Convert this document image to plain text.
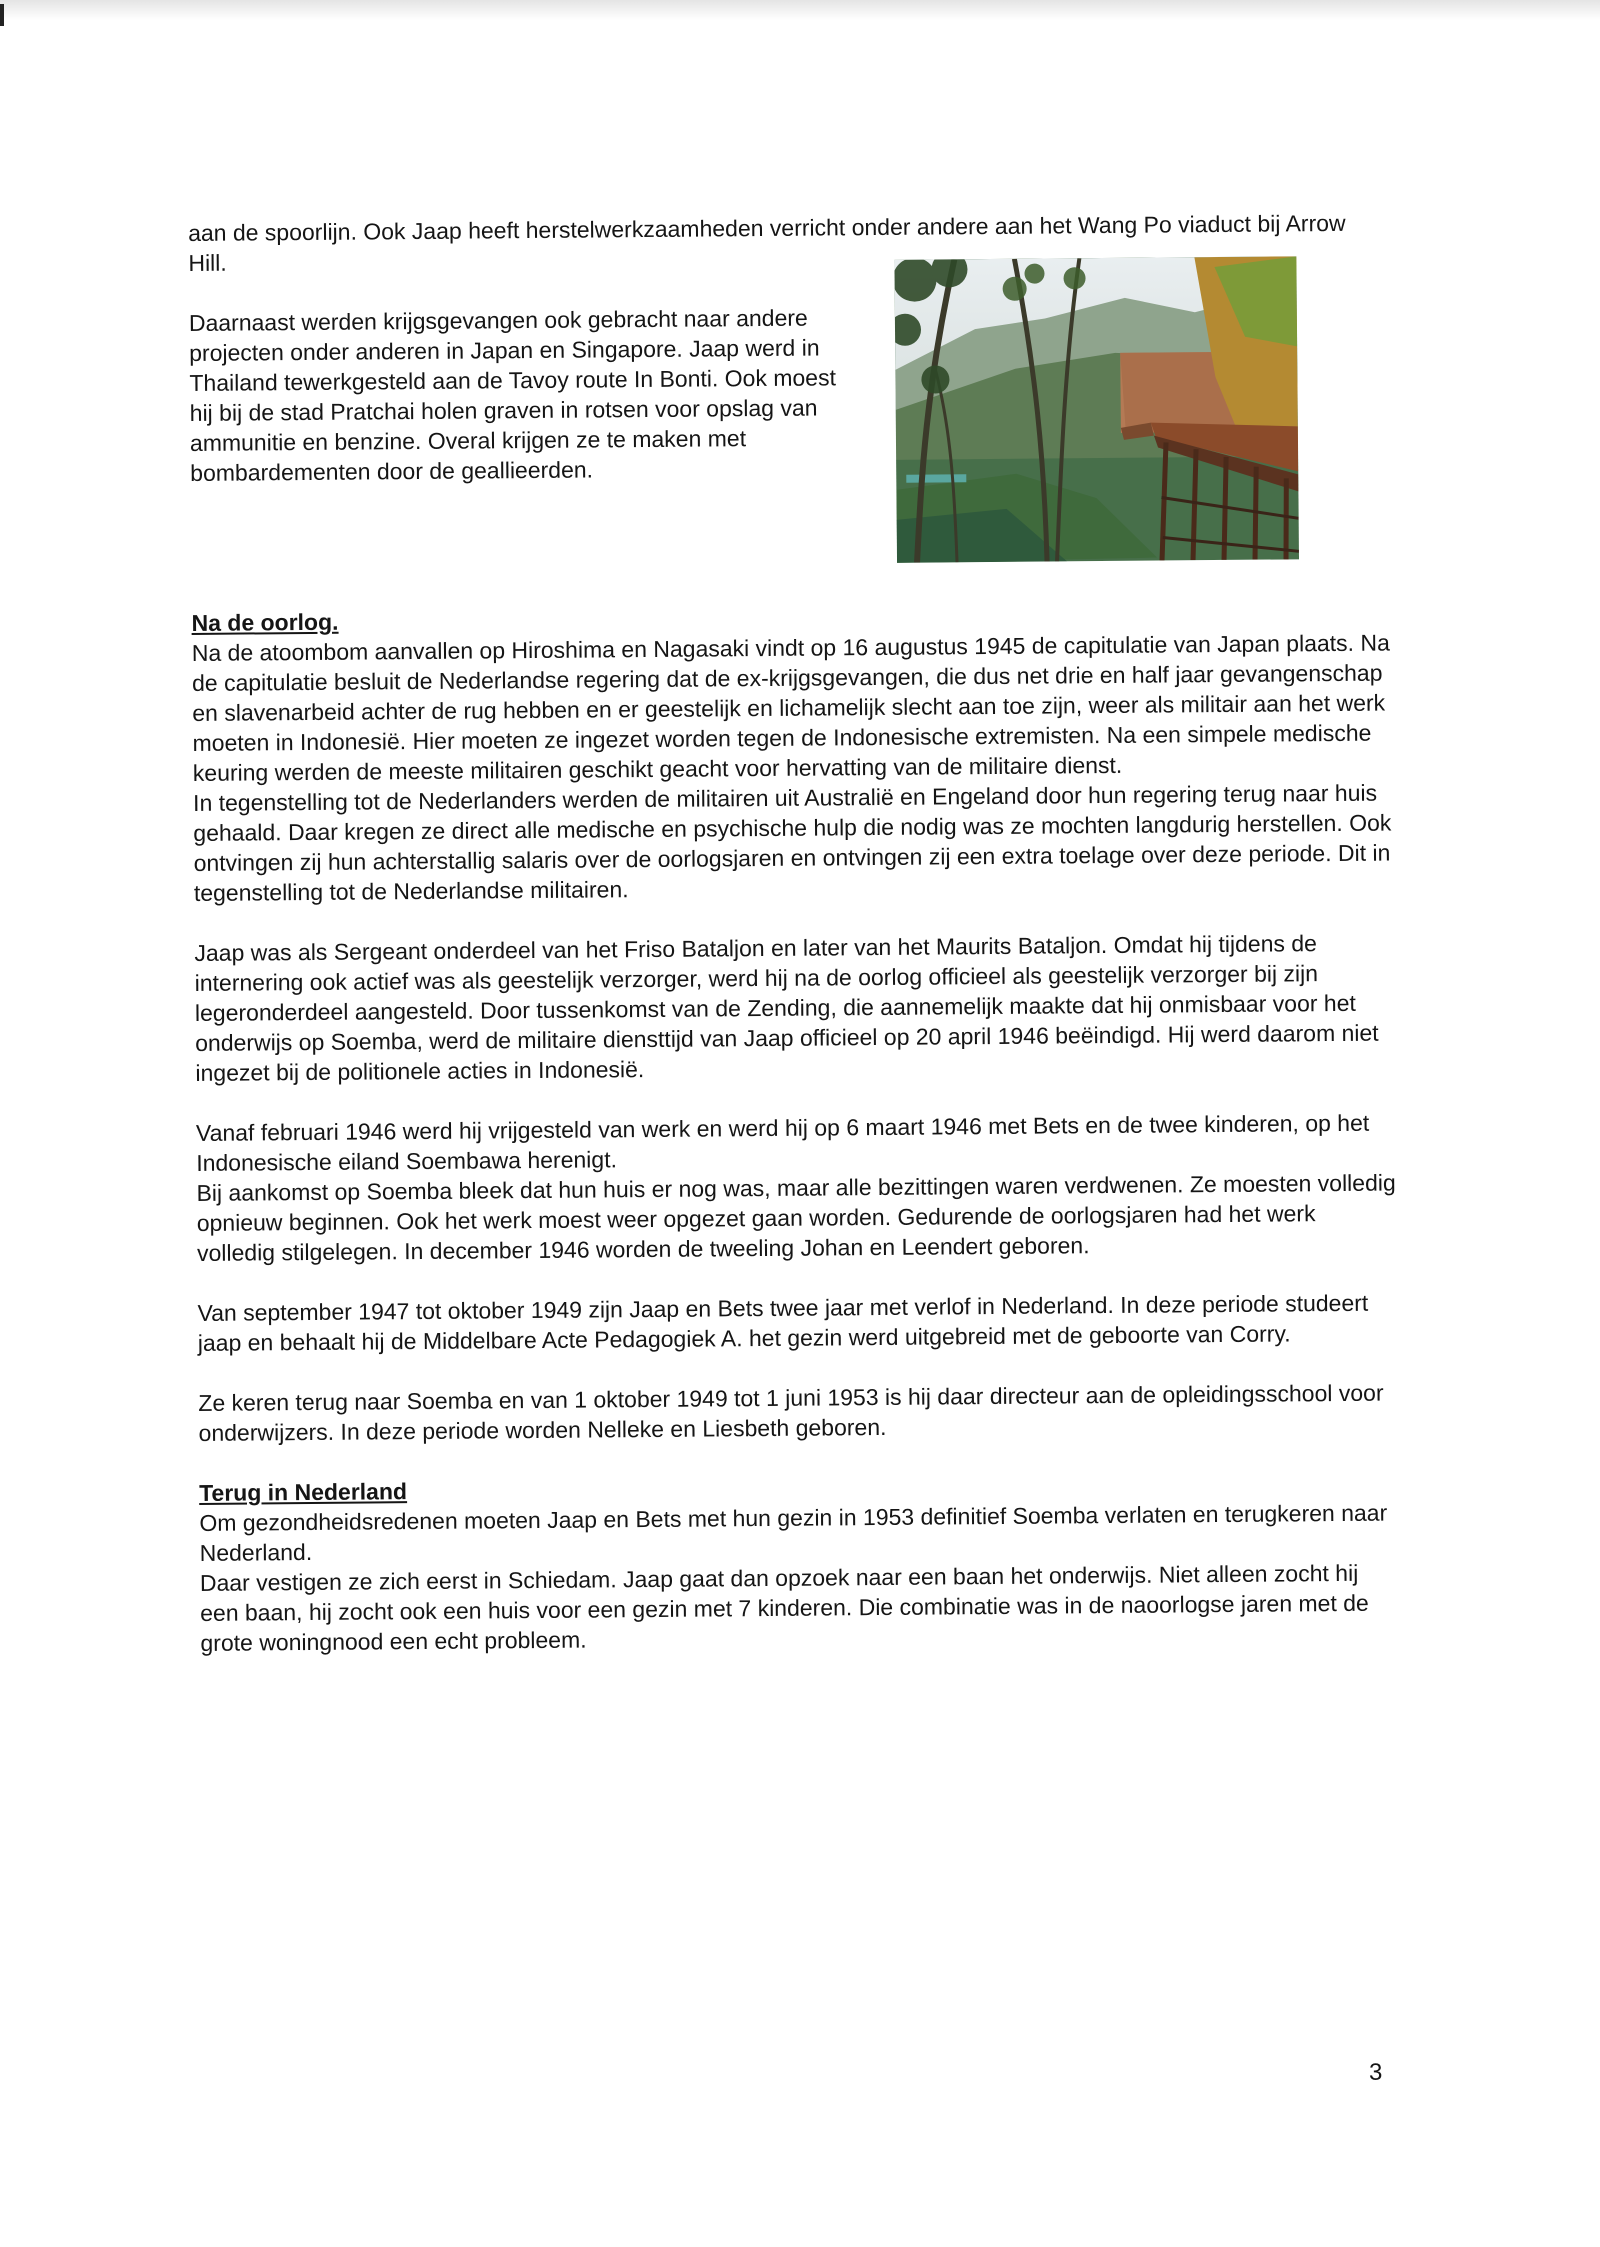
aan de spoorlijn. Ook Jaap heeft herstelwerkzaamheden verricht onder andere aan het Wang Po viaduct bij Arrow Hill.

Daarnaast werden krijgsgevangen ook gebracht naar andere projecten onder anderen in Japan en Singapore. Jaap werd in Thailand tewerkgesteld aan de Tavoy route In Bonti. Ook moest hij bij de stad Pratchai holen graven in rotsen voor opslag van ammunitie en benzine. Overal krijgen ze te maken met bombardementen door de geallieerden.

Na de oorlog.

Na de atoombom aanvallen op Hiroshima en Nagasaki vindt op 16 augustus 1945 de capitulatie van Japan plaats. Na de capitulatie besluit de Nederlandse regering dat de ex-krijgsgevangen, die dus net drie en half jaar gevangenschap en slavenarbeid achter de rug hebben en er geestelijk en lichamelijk slecht aan toe zijn, weer als militair aan het werk moeten in Indonesië. Hier moeten ze ingezet worden tegen de Indonesische extremisten. Na een simpele medische keuring werden de meeste militairen geschikt geacht voor hervatting van de militaire dienst.
In tegenstelling tot de Nederlanders werden de militairen uit Australië en Engeland door hun regering terug naar huis gehaald. Daar kregen ze direct alle medische en psychische hulp die nodig was ze mochten langdurig herstellen. Ook ontvingen zij hun achterstallig salaris over de oorlogsjaren en ontvingen zij een extra toelage over deze periode. Dit in tegenstelling tot de Nederlandse militairen.

Jaap was als Sergeant onderdeel van het Friso Bataljon en later van het Maurits Bataljon. Omdat hij tijdens de internering ook actief was als geestelijk verzorger, werd hij na de oorlog officieel als geestelijk verzorger bij zijn legeronderdeel aangesteld. Door tussenkomst van de Zending, die aannemelijk maakte dat hij onmisbaar voor het onderwijs op Soemba, werd de militaire diensttijd van Jaap officieel op 20 april 1946 beëindigd. Hij werd daarom niet ingezet bij de politionele acties in Indonesië.

Vanaf februari 1946 werd hij vrijgesteld van werk en werd hij op 6 maart 1946 met Bets en de twee kinderen, op het Indonesische eiland Soembawa herenigt.
Bij aankomst op Soemba bleek dat hun huis er nog was, maar alle bezittingen waren verdwenen. Ze moesten volledig opnieuw beginnen. Ook het werk moest weer opgezet gaan worden. Gedurende de oorlogsjaren had het werk volledig stilgelegen. In december 1946 worden de tweeling Johan en Leendert geboren.

Van september 1947 tot oktober 1949 zijn Jaap en Bets twee jaar met verlof in Nederland. In deze periode studeert jaap en behaalt hij de Middelbare Acte Pedagogiek A. het gezin werd uitgebreid met de geboorte van Corry.

Ze keren terug naar Soemba en van 1 oktober 1949 tot 1 juni 1953 is hij daar directeur aan de opleidingsschool voor onderwijzers. In deze periode worden Nelleke en Liesbeth geboren.

Terug in Nederland

Om gezondheidsredenen moeten Jaap en Bets met hun gezin in 1953 definitief Soemba verlaten en terugkeren naar Nederland.
Daar vestigen ze zich eerst in Schiedam. Jaap gaat dan opzoek naar een baan het onderwijs. Niet alleen zocht hij een baan, hij zocht ook een huis voor een gezin met 7 kinderen. Die combinatie was in de naoorlogse jaren met de grote woningnood een echt probleem.

3
